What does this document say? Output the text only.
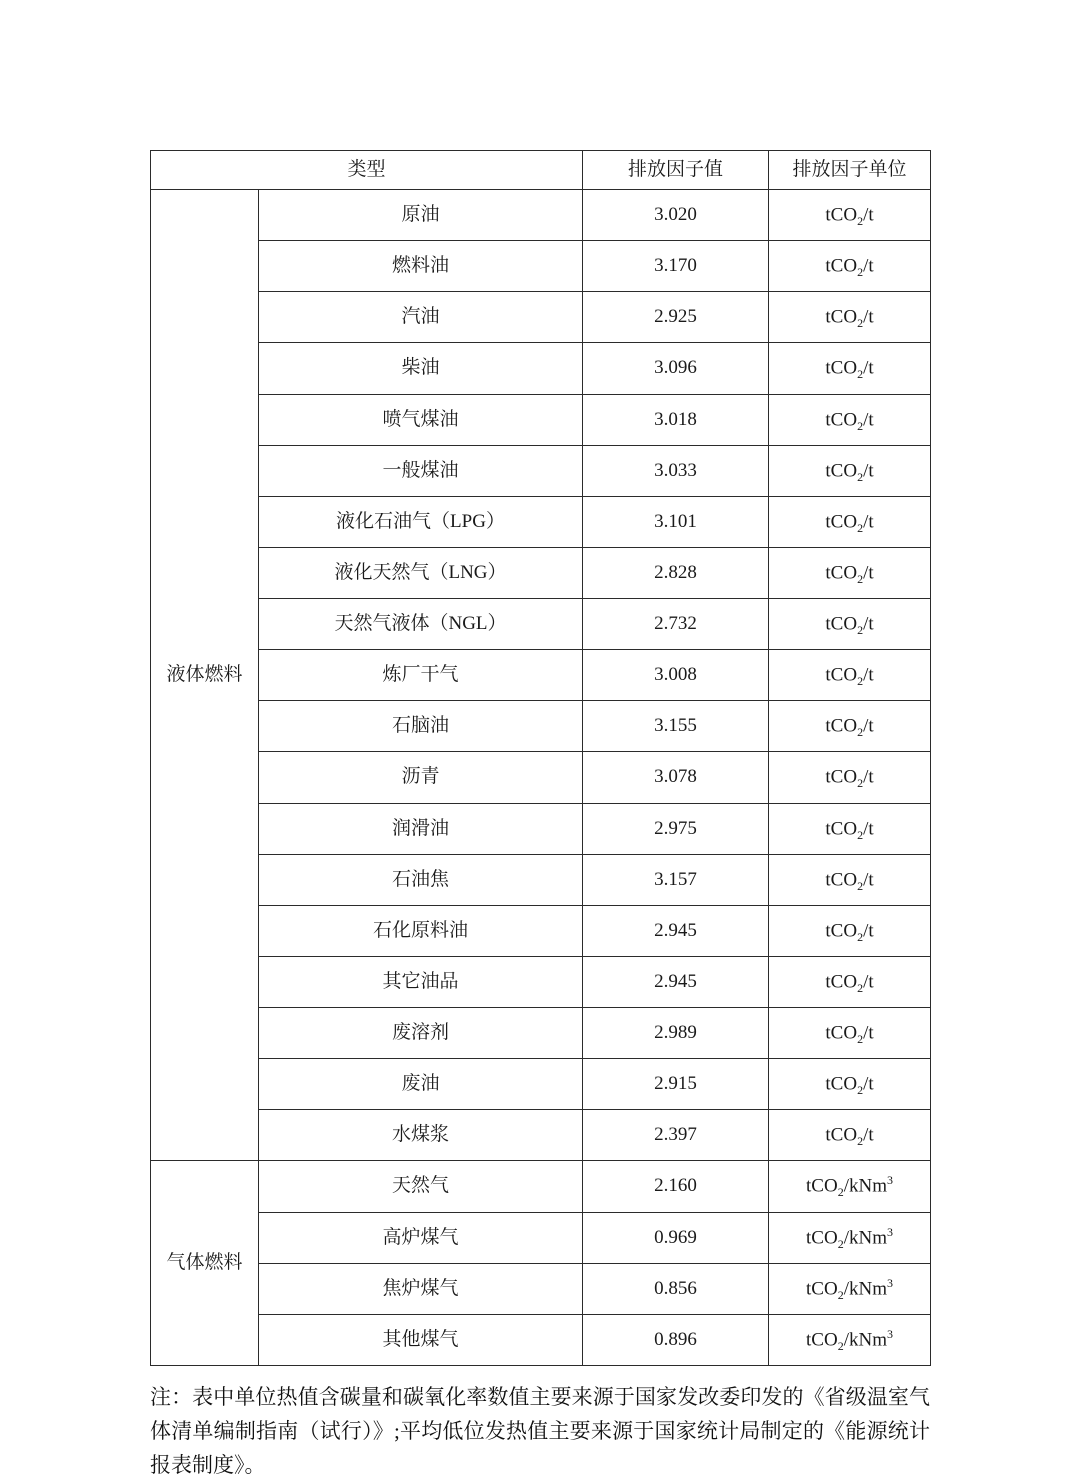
类型		排放因子值	排放因子单位
液体燃料	原油	3.020	tCO$_2$/t
	燃料油	3.170	tCO$_2$/t
	汽油	2.925	tCO$_2$/t
	柴油	3.096	tCO$_2$/t
	喷气煤油	3.018	tCO$_2$/t
	一般煤油	3.033	tCO$_2$/t
	液化石油气（LPG）	3.101	tCO$_2$/t
	液化天然气（LNG）	2.828	tCO$_2$/t
	天然气液体（NGL）	2.732	tCO$_2$/t
	炼厂干气	3.008	tCO$_2$/t
	石脑油	3.155	tCO$_2$/t
	沥青	3.078	tCO$_2$/t
	润滑油	2.975	tCO$_2$/t
	石油焦	3.157	tCO$_2$/t
	石化原料油	2.945	tCO$_2$/t
	其它油品	2.945	tCO$_2$/t
	废溶剂	2.989	tCO$_2$/t
	废油	2.915	tCO$_2$/t
	水煤浆	2.397	tCO$_2$/t
气体燃料	天然气	2.160	tCO$_2$/kNm$^3$
	高炉煤气	0.969	tCO$_2$/kNm$^3$
	焦炉煤气	0.856	tCO$_2$/kNm$^3$
	其他煤气	0.896	tCO$_2$/kNm$^3$

注：表中单位热值含碳量和碳氧化率数值主要来源于国家发改委印发的《省级温室气体清单编制指南（试行）》;平均低位发热值主要来源于国家统计局制定的《能源统计报表制度》。
